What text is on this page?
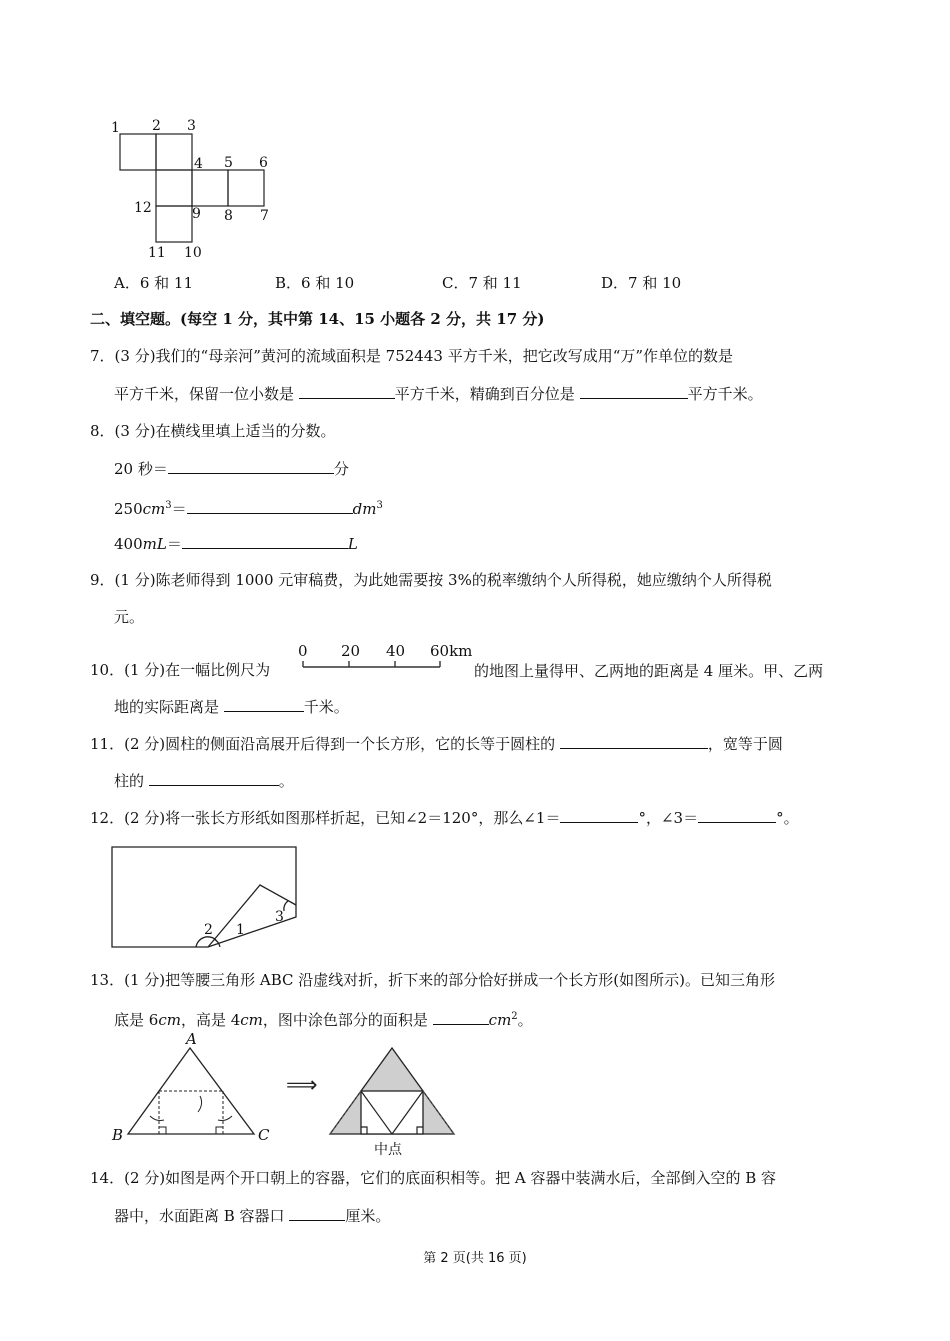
1 2 3
4 5 6
12	9 8 7
11 10
A．6 和 11	B．6 和 10	C．7 和 11	D．7 和 10
二、填空题。(每空 1 分，其中第 14、15 小题各 2 分，共 17 分)
7．(3 分)我们的“母亲河”黄河的流域面积是 752443 平方千米，把它改写成用“万”作单位的数是
平方千米，保留一位小数是	平方千米，精确到百分位是	平方千米。
8．(3 分)在横线里填上适当的分数。
20 秒＝	分
$250cm^3=$	$dm^3$
400mL＝	L
9．(1 分)陈老师得到 1000 元审稿费，为此她需要按 3%的税率缴纳个人所得税，她应缴纳个人所得税
元。
10．(1 分)在一幅比例尺为
0 20 40 60km
的地图上量得甲、乙两地的距离是 4 厘米。甲、乙两
地的实际距离是	千米。
11．(2 分)圆柱的侧面沿高展开后得到一个长方形，它的长等于圆柱的	，宽等于圆
柱的	。
12．(2 分)将一张长方形纸如图那样折起，已知∠2＝120°，那么∠1＝	°，∠3＝	°。
2 1
3
13．(1 分)把等腰三角形 ABC 沿虚线对折，折下来的部分恰好拼成一个长方形(如图所示)。已知三角形
底是 6cm，高是 4cm，图中涂色部分的面积是	$cm^2$。
A
B	C
⟹
中点
14．(2 分)如图是两个开口朝上的容器，它们的底面积相等。把 A 容器中装满水后，全部倒入空的 B 容
器中，水面距离 B 容器口	厘米。
第 2 页(共 16 页)
